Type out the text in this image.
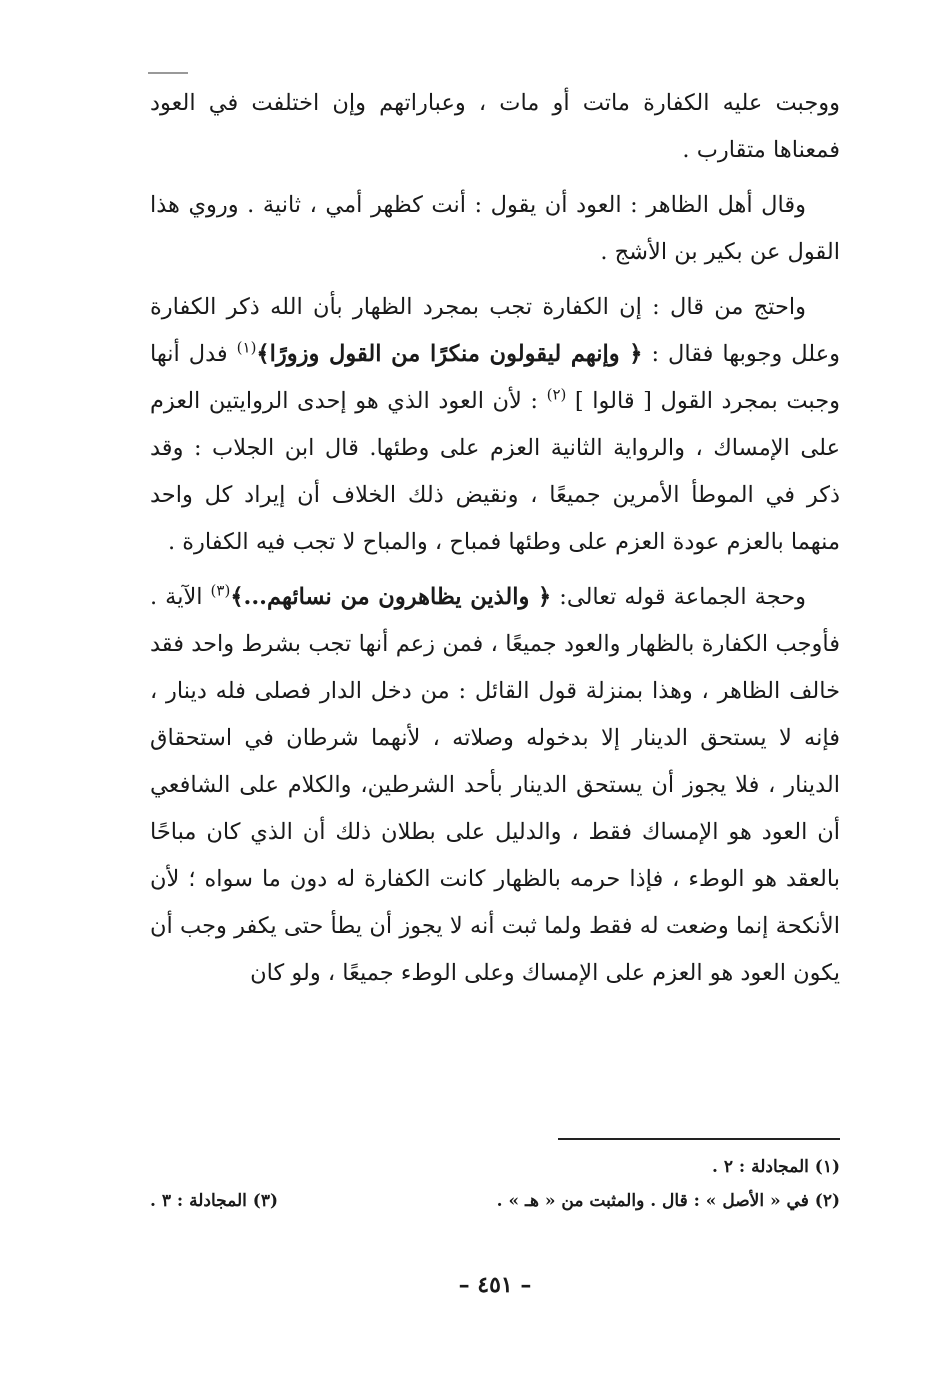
ووجبت عليه الكفارة ماتت أو مات ، وعباراتهم وإن اختلفت في العود فمعناها متقارب .

وقال أهل الظاهر : العود أن يقول : أنت كظهر أمي ، ثانية . وروي هذا القول عن بكير بن الأشج .

واحتج من قال : إن الكفارة تجب بمجرد الظهار بأن الله ذكر الكفارة وعلل وجوبها فقال : ﴿ وإنهم ليقولون منكرًا من القول وزورًا﴾$^{(١)}$ فدل أنها وجبت بمجرد القول [ قالوا ] $^{(٢)}$ : لأن العود الذي هو إحدى الروايتين العزم على الإمساك ، والرواية الثانية العزم على وطئها. قال ابن الجلاب : وقد ذكر في الموطأ الأمرين جميعًا ، ونقيض ذلك الخلاف أن إيراد كل واحد منهما بالعزم عودة العزم على وطئها فمباح ، والمباح لا تجب فيه الكفارة .

وحجة الجماعة قوله تعالى: ﴿ والذين يظاهرون من نسائهم...﴾$^{(٣)}$ الآية . فأوجب الكفارة بالظهار والعود جميعًا ، فمن زعم أنها تجب بشرط واحد فقد خالف الظاهر ، وهذا بمنزلة قول القائل : من دخل الدار فصلى فله دينار ، فإنه لا يستحق الدينار إلا بدخوله وصلاته ، لأنهما شرطان في استحقاق الدينار ، فلا يجوز أن يستحق الدينار بأحد الشرطين، والكلام على الشافعي أن العود هو الإمساك فقط ، والدليل على بطلان ذلك أن الذي كان مباحًا بالعقد هو الوطء ، فإذا حرمه بالظهار كانت الكفارة له دون ما سواه ؛ لأن الأنكحة إنما وضعت له فقط ولما ثبت أنه لا يجوز أن يطأ حتى يكفر وجب أن يكون العود هو العزم على الإمساك وعلى الوطء جميعًا ، ولو كان

(١) المجادلة : ٢ .
(٢) في « الأصل » : قال . والمثبت من « هـ » .
(٣) المجادلة : ٣ .
– ٤٥١ –
